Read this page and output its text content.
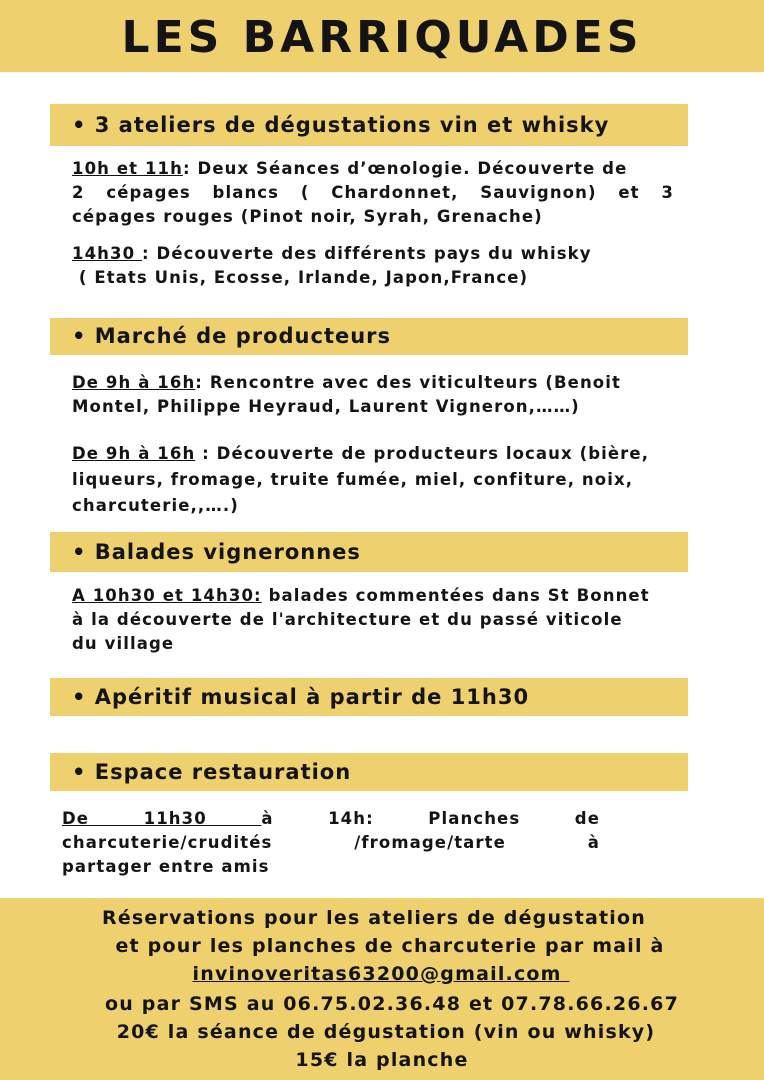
LES BARRIQUADES
• 3 ateliers de dégustations vin et whisky
10h et 11h: Deux Séances d’œnologie. Découverte de
2 cépages blancs ( Chardonnet, Sauvignon) et 3
cépages rouges (Pinot noir, Syrah, Grenache)
14h30 : Découverte des différents pays du whisky
( Etats Unis, Ecosse, Irlande, Japon,France)
• Marché de producteurs
De 9h à 16h: Rencontre avec des viticulteurs (Benoit
Montel, Philippe Heyraud, Laurent Vigneron,……)
De 9h à 16h : Découverte de producteurs locaux (bière,
liqueurs, fromage, truite fumée, miel, confiture, noix,
charcuterie,,….)
• Balades vigneronnes
A 10h30 et 14h30: balades commentées dans St Bonnet
à la découverte de l'architecture et du passé viticole
du village
• Apéritif musical à partir de 11h30
• Espace restauration
De 11h30 à 14h: Planches de
charcuterie/crudités /fromage/tarte à
partager entre amis
Réservations pour les ateliers de dégustation
et pour les planches de charcuterie par mail à
invinoveritas63200@gmail.com
ou par SMS au 06.75.02.36.48 et 07.78.66.26.67
20€ la séance de dégustation (vin ou whisky)
15€ la planche
